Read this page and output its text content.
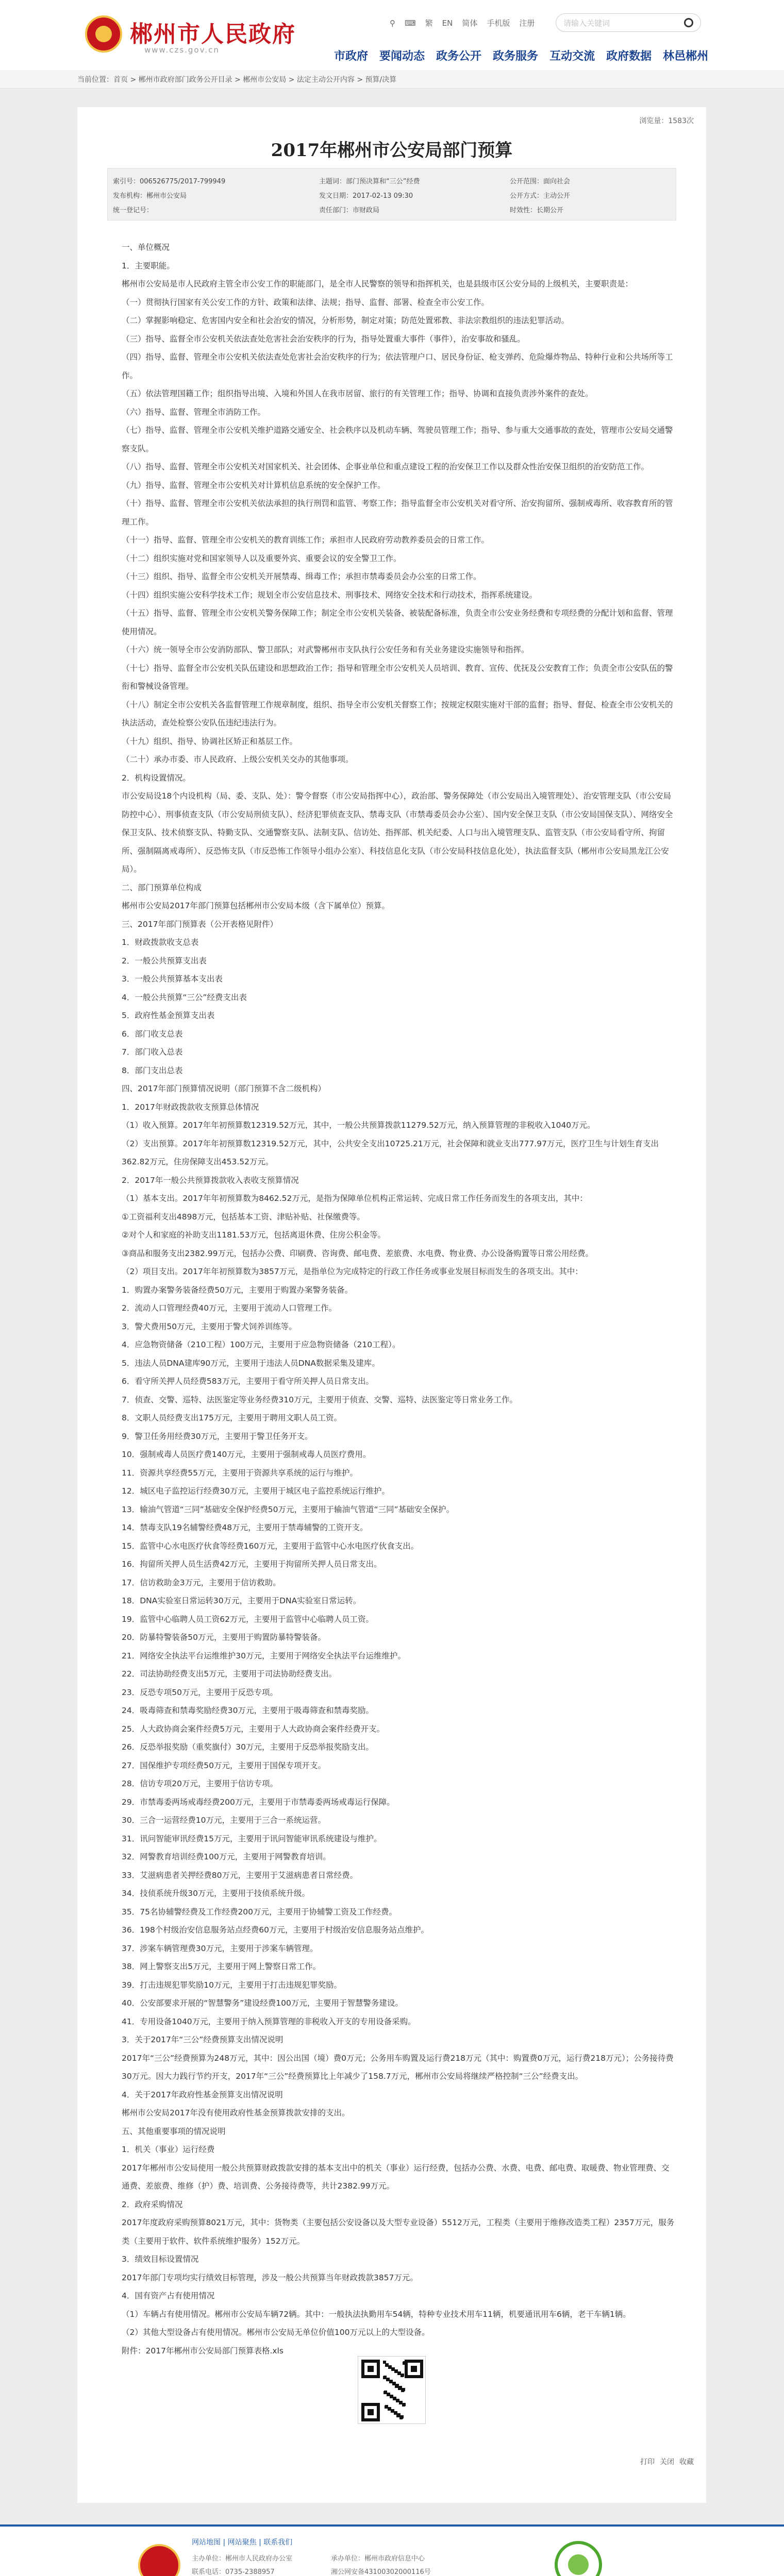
郴州市人民政府
www.czs.gov.cn
⚲ ⌨ 繁 EN 简体 手机版 注册	请输入关键词
市政府 要闻动态 政务公开 政务服务 互动交流 政府数据 林邑郴州
当前位置：首页 > 郴州市政府部门政务公开目录 > 郴州市公安局 > 法定主动公开内容 > 预算/决算
浏览量：1583次
2017年郴州市公安局部门预算
索引号：006526775/2017-799949	主题词：部门预决算和“三公”经费	公开范围：面向社会
发布机构：郴州市公安局	发文日期：2017-02-13 09:30	公开方式：主动公开
统一登记号：	责任部门：市财政局	时效性：长期公开

一、单位概况

1．主要职能。

郴州市公安局是市人民政府主管全市公安工作的职能部门，是全市人民警察的领导和指挥机关，也是县级市区公安分局的上级机关，主要职责是：

（一）贯彻执行国家有关公安工作的方针、政策和法律、法规；指导、监督、部署、检查全市公安工作。

（二）掌握影响稳定、危害国内安全和社会治安的情况，分析形势，制定对策；防范处置邪教、非法宗教组织的违法犯罪活动。

（三）指导、监督全市公安机关依法查处危害社会治安秩序的行为，指导处置重大事件（事件），治安事故和骚乱。

（四）指导、监督、管理全市公安机关依法查处危害社会治安秩序的行为；依法管理户口、居民身份证、枪支弹药、危险爆炸物品、特种行业和公共场所等工作。

（五）依法管理国籍工作；组织指导出境、入境和外国人在我市居留、旅行的有关管理工作；指导、协调和直接负责涉外案件的查处。

（六）指导、监督、管理全市消防工作。

（七）指导、监督、管理全市公安机关维护道路交通安全、社会秩序以及机动车辆、驾驶员管理工作；指导、参与重大交通事故的查处，管理市公安局交通警察支队。

（八）指导、监督、管理全市公安机关对国家机关、社会团体、企事业单位和重点建设工程的治安保卫工作以及群众性治安保卫组织的治安防范工作。

（九）指导、监督、管理全市公安机关对计算机信息系统的安全保护工作。

（十）指导、监督、管理全市公安机关依法承担的执行刑罚和监管、考察工作；指导监督全市公安机关对看守所、治安拘留所、强制戒毒所、收容教育所的管理工作。

（十一）指导、监督、管理全市公安机关的教育训练工作；承担市人民政府劳动教养委员会的日常工作。

（十二）组织实施对党和国家领导人以及重要外宾、重要会议的安全警卫工作。

（十三）组织、指导、监督全市公安机关开展禁毒、缉毒工作；承担市禁毒委员会办公室的日常工作。

（十四）组织实施公安科学技术工作；规划全市公安信息技术、刑事技术、网络安全技术和行动技术，指挥系统建设。

（十五）指导、监督、管理全市公安机关警务保障工作；制定全市公安机关装备、被装配备标准，负责全市公安业务经费和专项经费的分配计划和监督、管理使用情况。

（十六）统一领导全市公安消防部队、警卫部队；对武警郴州市支队执行公安任务和有关业务建设实施领导和指挥。

（十七）指导、监督全市公安机关队伍建设和思想政治工作；指导和管理全市公安机关人员培训、教育、宣传、优抚及公安教育工作；负责全市公安队伍的警衔和警械设备管理。

（十八）制定全市公安机关各监督管理工作规章制度，组织、指导全市公安机关督察工作；按规定权限实施对干部的监督；指导、督促、检查全市公安机关的执法活动，查处检察公安队伍违纪违法行为。

（十九）组织、指导、协调社区矫正和基层工作。

（二十）承办市委、市人民政府、上级公安机关交办的其他事项。

2．机构设置情况。

市公安局设18个内设机构（局、委、支队、处）：警令督察（市公安局指挥中心），政治部、警务保障处（市公安局出入境管理处）、治安管理支队（市公安局防控中心）、刑事侦查支队（市公安局刑侦支队）、经济犯罪侦查支队、禁毒支队（市禁毒委员会办公室）、国内安全保卫支队（市公安局国保支队）、网络安全保卫支队、技术侦察支队、特勤支队、交通警察支队、法制支队、信访处、指挥部、机关纪委、人口与出入境管理支队、监管支队（市公安局看守所、拘留所、强制隔离戒毒所）、反恐怖支队（市反恐怖工作领导小组办公室）、科技信息化支队（市公安局科技信息化处），执法监督支队（郴州市公安局黑龙江公安局）。

二、部门预算单位构成

郴州市公安局2017年部门预算包括郴州市公安局本级（含下属单位）预算。

三、2017年部门预算表（公开表格见附件）

1．财政拨款收支总表

2．一般公共预算支出表

3．一般公共预算基本支出表

4．一般公共预算“三公”经费支出表

5．政府性基金预算支出表

6．部门收支总表

7．部门收入总表

8．部门支出总表

四、2017年部门预算情况说明（部门预算不含二级机构）

1．2017年财政拨款收支预算总体情况

（1）收入预算。2017年年初预算数12319.52万元，其中，一般公共预算拨款11279.52万元，纳入预算管理的非税收入1040万元。

（2）支出预算。2017年年初预算数12319.52万元，其中，公共安全支出10725.21万元，社会保障和就业支出777.97万元，医疗卫生与计划生育支出362.82万元，住房保障支出453.52万元。

2．2017年一般公共预算拨款收入表收支预算情况

（1）基本支出。2017年年初预算数为8462.52万元，是指为保障单位机构正常运转、完成日常工作任务而发生的各项支出，其中：

①工资福利支出4898万元，包括基本工资、津贴补贴、社保缴费等。

②对个人和家庭的补助支出1181.53万元，包括离退休费、住房公积金等。

③商品和服务支出2382.99万元，包括办公费、印刷费、咨询费、邮电费、差旅费、水电费、物业费、办公设备购置等日常公用经费。

（2）项目支出。2017年年初预算数为3857万元，是指单位为完成特定的行政工作任务或事业发展目标而发生的各项支出。其中：

1．购置办案警务装备经费50万元，主要用于购置办案警务装备。

2．流动人口管理经费40万元，主要用于流动人口管理工作。

3．警犬费用50万元，主要用于警犬饲养训练等。

4．应急物资储备（210工程）100万元，主要用于应急物资储备（210工程）。

5．违法人员DNA建库90万元，主要用于违法人员DNA数据采集及建库。

6．看守所关押人员经费583万元，主要用于看守所关押人员日常支出。

7．侦查、交警、巡特、法医鉴定等业务经费310万元，主要用于侦查、交警、巡特、法医鉴定等日常业务工作。

8．文职人员经费支出175万元，主要用于聘用文职人员工资。

9．警卫任务用经费30万元，主要用于警卫任务开支。

10．强制戒毒人员医疗费140万元，主要用于强制戒毒人员医疗费用。

11．资源共享经费55万元，主要用于资源共享系统的运行与维护。

12．城区电子监控运行经费30万元，主要用于城区电子监控系统运行维护。

13．输油气管道“三同”基础安全保护经费50万元，主要用于输油气管道“三同”基础安全保护。

14．禁毒支队19名辅警经费48万元，主要用于禁毒辅警的工资开支。

15．监管中心水电医疗伙食等经费160万元，主要用于监管中心水电医疗伙食支出。

16．拘留所关押人员生活费42万元，主要用于拘留所关押人员日常支出。

17．信访救助金3万元，主要用于信访救助。

18．DNA实验室日常运转30万元，主要用于DNA实验室日常运转。

19．监管中心临聘人员工资62万元，主要用于监管中心临聘人员工资。

20．防暴特警装备50万元，主要用于购置防暴特警装备。

21．网络安全执法平台运维维护30万元，主要用于网络安全执法平台运维维护。

22．司法协助经费支出5万元，主要用于司法协助经费支出。

23．反恐专项50万元，主要用于反恐专项。

24．吸毒筛查和禁毒奖励经费30万元，主要用于吸毒筛查和禁毒奖励。

25．人大政协商会案件经费5万元，主要用于人大政协商会案件经费开支。

26．反恐举报奖励（重奖旗付）30万元，主要用于反恐举报奖励支出。

27．国保维护专项经费50万元，主要用于国保专项开支。

28．信访专项20万元，主要用于信访专项。

29．市禁毒委两场戒毒经费200万元，主要用于市禁毒委两场戒毒运行保障。

30．三合一运营经费10万元，主要用于三合一系统运营。

31．讯问智能审讯经费15万元，主要用于讯问智能审讯系统建设与维护。

32．网警教育培训经费100万元，主要用于网警教育培训。

33．艾滋病患者关押经费80万元，主要用于艾滋病患者日常经费。

34．技侦系统升级30万元，主要用于技侦系统升级。

35．75名协辅警经费及工作经费200万元，主要用于协辅警工资及工作经费。

36．198个村级治安信息服务站点经费60万元，主要用于村级治安信息服务站点维护。

37．涉案车辆管理费30万元，主要用于涉案车辆管理。

38．网上警察支出5万元，主要用于网上警察日常工作。

39．打击违规犯罪奖励10万元，主要用于打击违规犯罪奖励。

40．公安部要求开展的“智慧警务”建设经费100万元，主要用于智慧警务建设。

41．专用设备1040万元，主要用于纳入预算管理的非税收入开支的专用设备采购。

3．关于2017年“三公”经费预算支出情况说明

2017年“三公”经费预算为248万元，其中：因公出国（境）费0万元；公务用车购置及运行费218万元（其中：购置费0万元，运行费218万元）；公务接待费30万元。因大力践行节约开支，2017年“三公”经费预算比上年减少了158.7万元，郴州市公安局将继续严格控制“三公”经费支出。

4．关于2017年政府性基金预算支出情况说明

郴州市公安局2017年没有使用政府性基金预算拨款安排的支出。

五、其他重要事项的情况说明

1．机关（事业）运行经费

2017年郴州市公安局使用一般公共预算财政拨款安排的基本支出中的机关（事业）运行经费，包括办公费、水费、电费、邮电费、取暖费、物业管理费、交通费、差旅费、维修（护）费、培训费、公务接待费等，共计2382.99万元。

2．政府采购情况

2017年度政府采购预算8021万元，其中：货物类（主要包括公安设备以及大型专业设备）5512万元，工程类（主要用于维修改造类工程）2357万元，服务类（主要用于软件、软件系统维护服务）152万元。

3．绩效目标设置情况

2017年部门专项均实行绩效目标管理，涉及一般公共预算当年财政拨款3857万元。

4．国有资产占有使用情况

（1）车辆占有使用情况。郴州市公安局车辆72辆。其中：一般执法执勤用车54辆，特种专业技术用车11辆，机要通讯用车6辆，老干车辆1辆。

（2）其他大型设备占有使用情况。郴州市公安局无单位价值100万元以上的大型设备。

附件：2017年郴州市公安局部门预算表格.xls

打印 关闭 收藏
网站地图 | 网站聚焦 | 联系我们
主办单位：郴州市人民政府办公室
联系电话：0735-2388957
承办单位：郴州市政府信息中心
湘公网安备43100302000116号
